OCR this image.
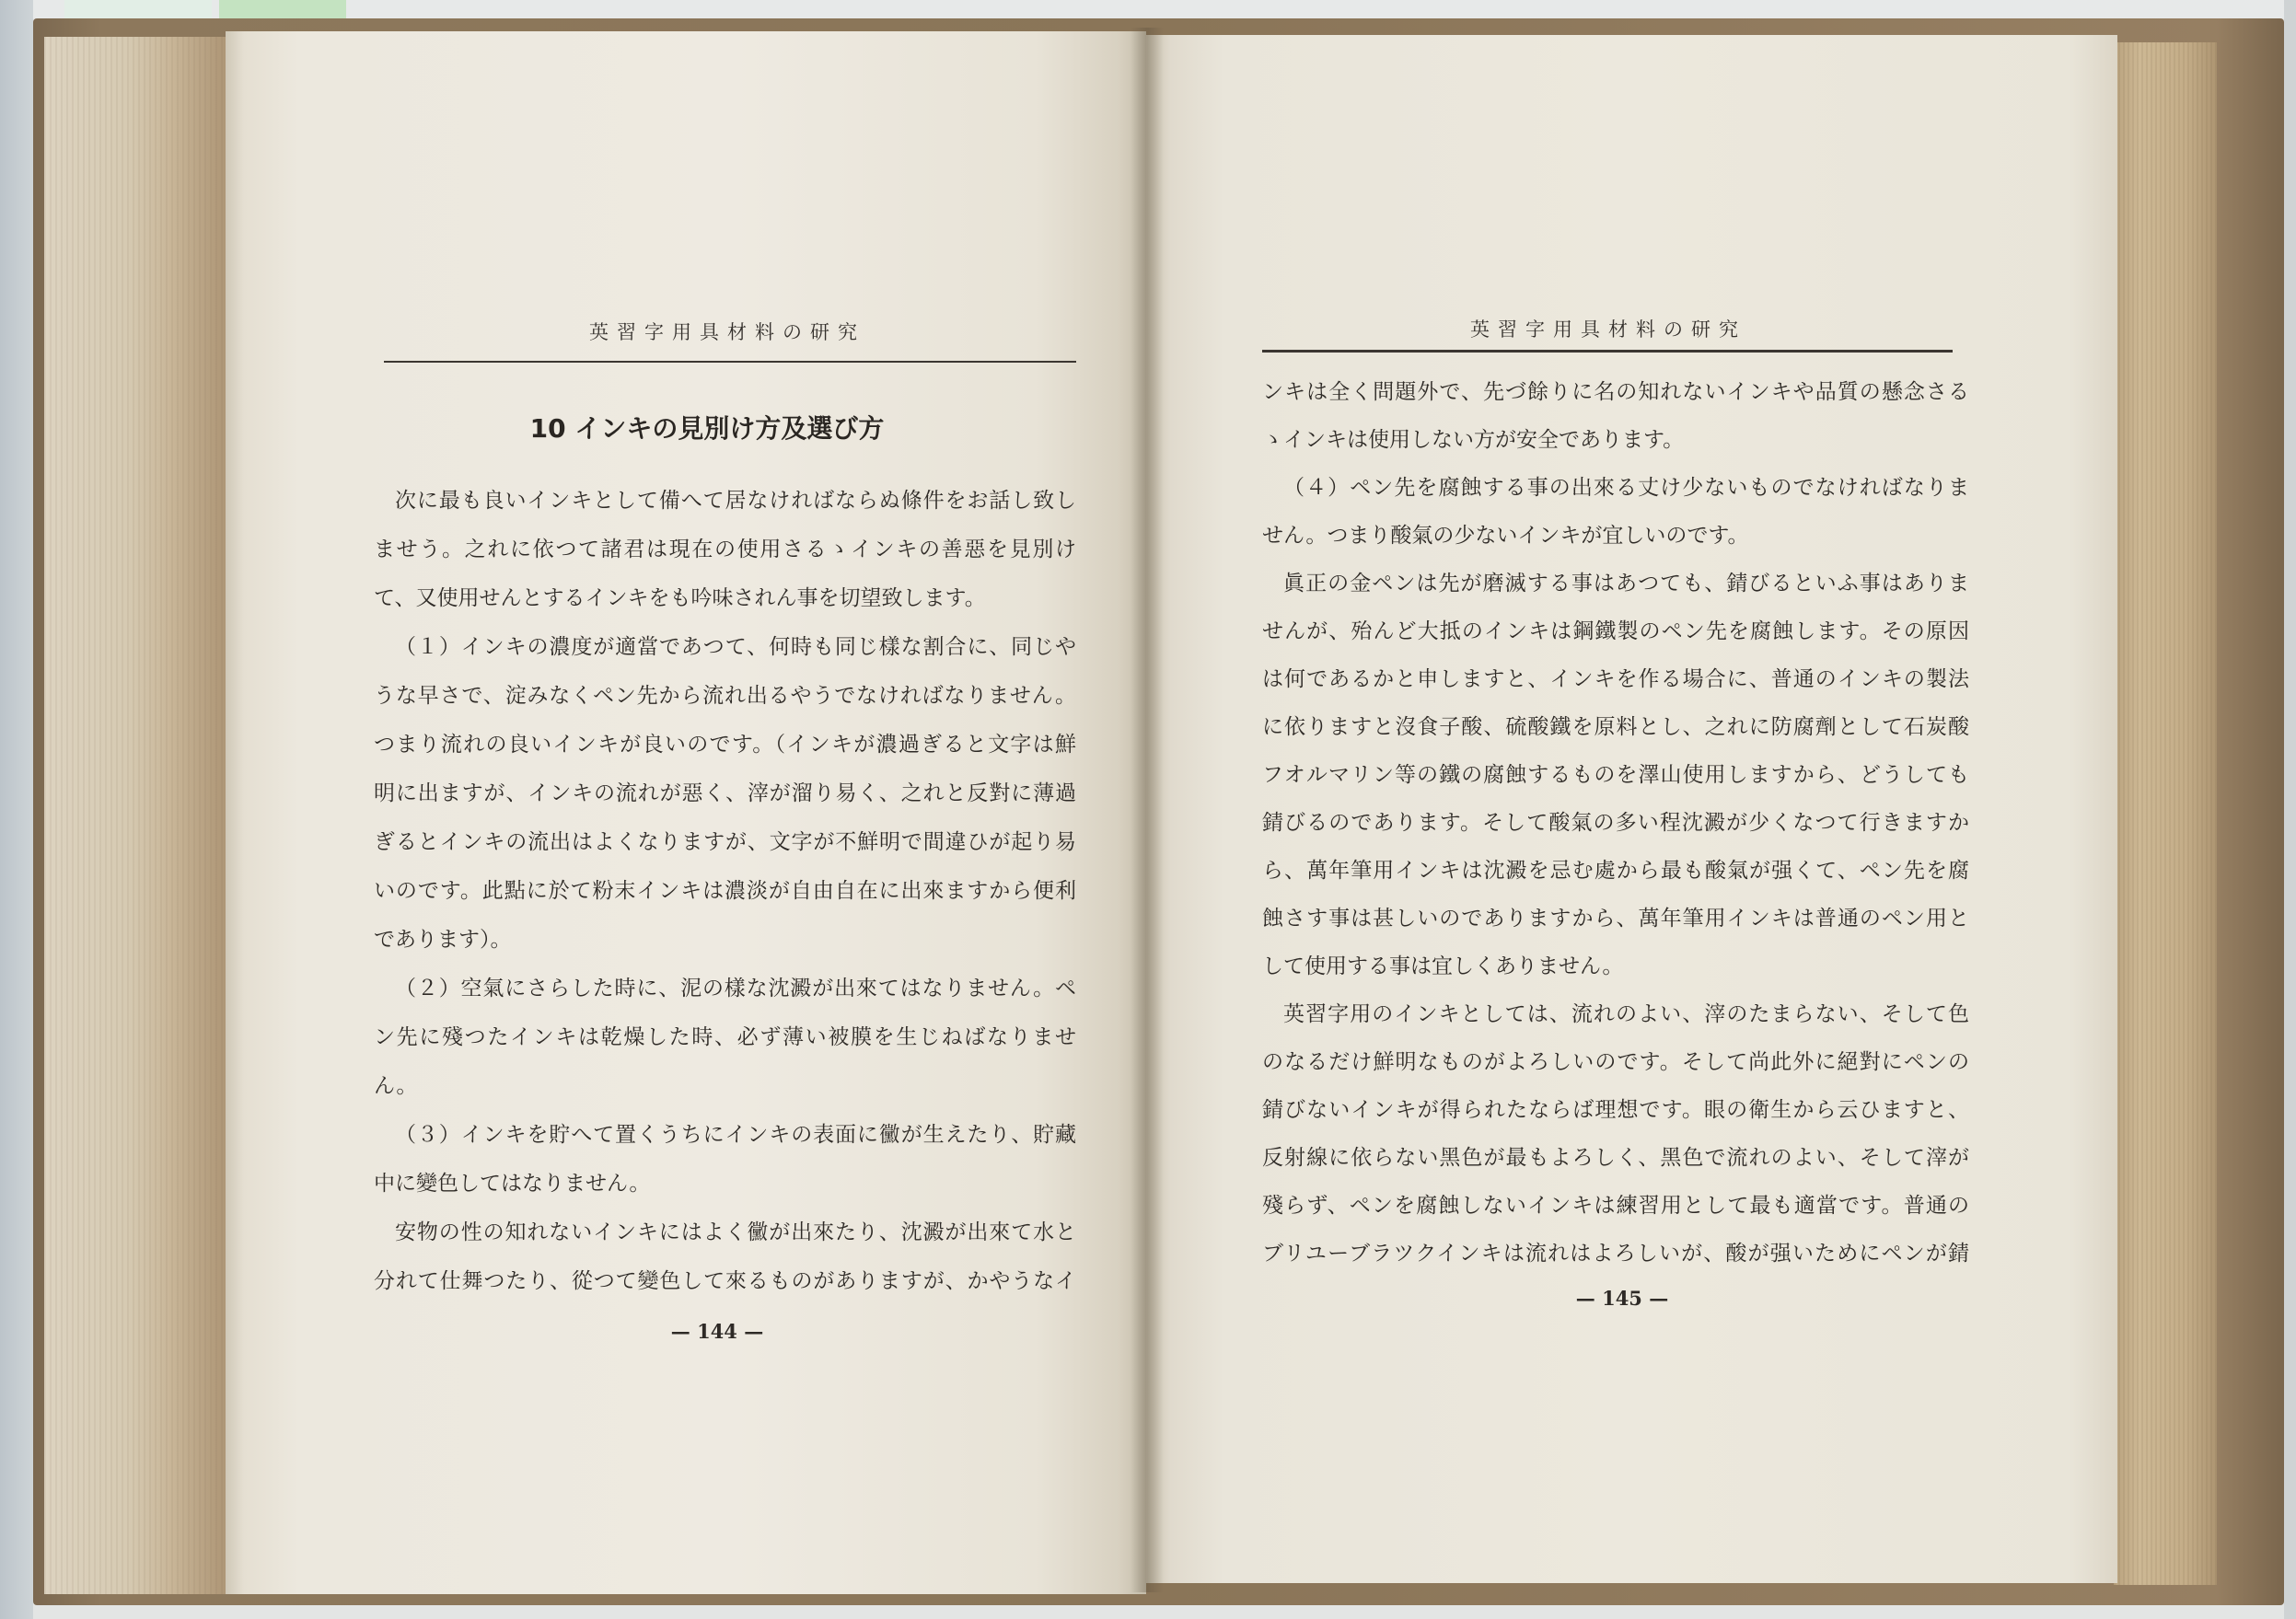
英習字用具材料の研究
10 インキの見別け方及選び方
次に最も良いインキとして備へて居なければならぬ條件をお話し致し
ませう。之れに依つて諸君は現在の使用さるゝインキの善惡を見別け
て、又使用せんとするインキをも吟味されん事を切望致します。
（１）インキの濃度が適當であつて、何時も同じ樣な割合に、同じや
うな早さで、淀みなくペン先から流れ出るやうでなければなりません。
つまり流れの良いインキが良いのです。（インキが濃過ぎると文字は鮮
明に出ますが、インキの流れが惡く、滓が溜り易く、之れと反對に薄過
ぎるとインキの流出はよくなりますが、文字が不鮮明で間違ひが起り易
いのです。此點に於て粉末インキは濃淡が自由自在に出來ますから便利
であります）。
（２）空氣にさらした時に、泥の樣な沈澱が出來てはなりません。ペ
ン先に殘つたインキは乾燥した時、必ず薄い被膜を生じねばなりませ
ん。
（３）インキを貯へて置くうちにインキの表面に黴が生えたり、貯藏
中に變色してはなりません。
安物の性の知れないインキにはよく黴が出來たり、沈澱が出來て水と
分れて仕舞つたり、從つて變色して來るものがありますが、かやうなイ
— 144 —
英習字用具材料の研究
ンキは全く問題外で、先づ餘りに名の知れないインキや品質の懸念さる
ゝインキは使用しない方が安全であります。
（４）ペン先を腐蝕する事の出來る丈け少ないものでなければなりま
せん。つまり酸氣の少ないインキが宜しいのです。
眞正の金ペンは先が磨滅する事はあつても、錆びるといふ事はありま
せんが、殆んど大抵のインキは鋼鐵製のペン先を腐蝕します。その原因
は何であるかと申しますと、インキを作る場合に、普通のインキの製法
に依りますと沒食子酸、硫酸鐵を原料とし、之れに防腐劑として石炭酸
フオルマリン等の鐵の腐蝕するものを澤山使用しますから、どうしても
錆びるのであります。そして酸氣の多い程沈澱が少くなつて行きますか
ら、萬年筆用インキは沈澱を忌む處から最も酸氣が强くて、ペン先を腐
蝕さす事は甚しいのでありますから、萬年筆用インキは普通のペン用と
して使用する事は宜しくありません。
英習字用のインキとしては、流れのよい、滓のたまらない、そして色
のなるだけ鮮明なものがよろしいのです。そして尚此外に絕對にペンの
錆びないインキが得られたならば理想です。眼の衛生から云ひますと、
反射線に依らない黑色が最もよろしく、黑色で流れのよい、そして滓が
殘らず、ペンを腐蝕しないインキは練習用として最も適當です。普通の
ブリユーブラツクインキは流れはよろしいが、酸が强いためにペンが錆
— 145 —
